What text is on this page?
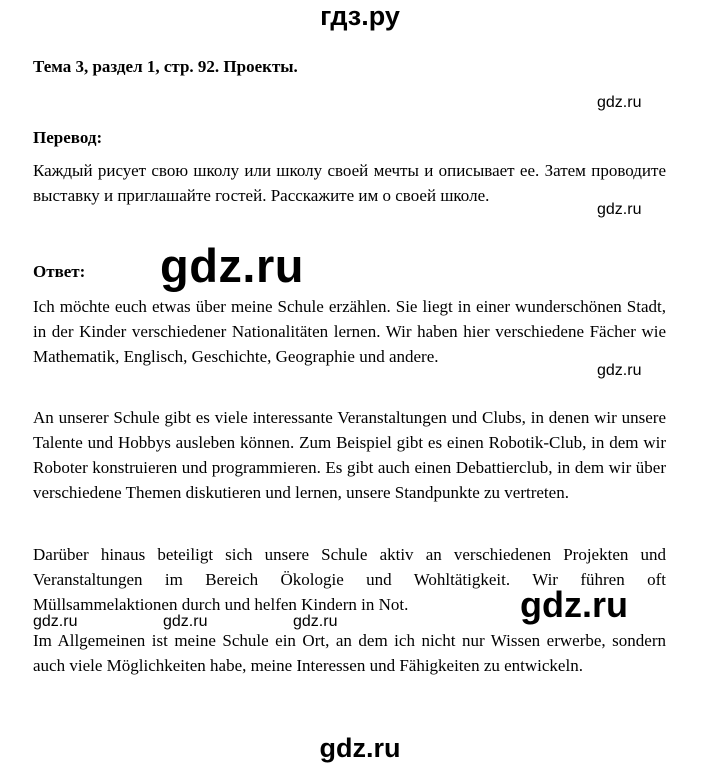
гдз.ру
Тема 3, раздел 1, стр. 92. Проекты.
gdz.ru
Перевод:

Каждый рисует свою школу или школу своей мечты и описывает ее. Затем проводите выставку и приглашайте гостей. Расскажите им о своей школе.

gdz.ru
Ответ: gdz.ru

Ich möchte euch etwas über meine Schule erzählen. Sie liegt in einer wunderschönen Stadt, in der Kinder verschiedener Nationalitäten lernen. Wir haben hier verschiedene Fächer wie Mathematik, Englisch, Geschichte, Geographie und andere.

gdz.ru

An unserer Schule gibt es viele interessante Veranstaltungen und Clubs, in denen wir unsere Talente und Hobbys ausleben können. Zum Beispiel gibt es einen Robotik-Club, in dem wir Roboter konstruieren und programmieren. Es gibt auch einen Debattierclub, in dem wir über verschiedene Themen diskutieren und lernen, unsere Standpunkte zu vertreten.

Darüber hinaus beteiligt sich unsere Schule aktiv an verschiedenen Projekten und Veranstaltungen im Bereich Ökologie und Wohltätigkeit. Wir führen oft Müllsammelaktionen durch und helfen Kindern in Not.	gdz.ru
gdz.ru	gdz.ru	gdz.ru

Im Allgemeinen ist meine Schule ein Ort, an dem ich nicht nur Wissen erwerbe, sondern auch viele Möglichkeiten habe, meine Interessen und Fähigkeiten zu entwickeln.

gdz.ru
